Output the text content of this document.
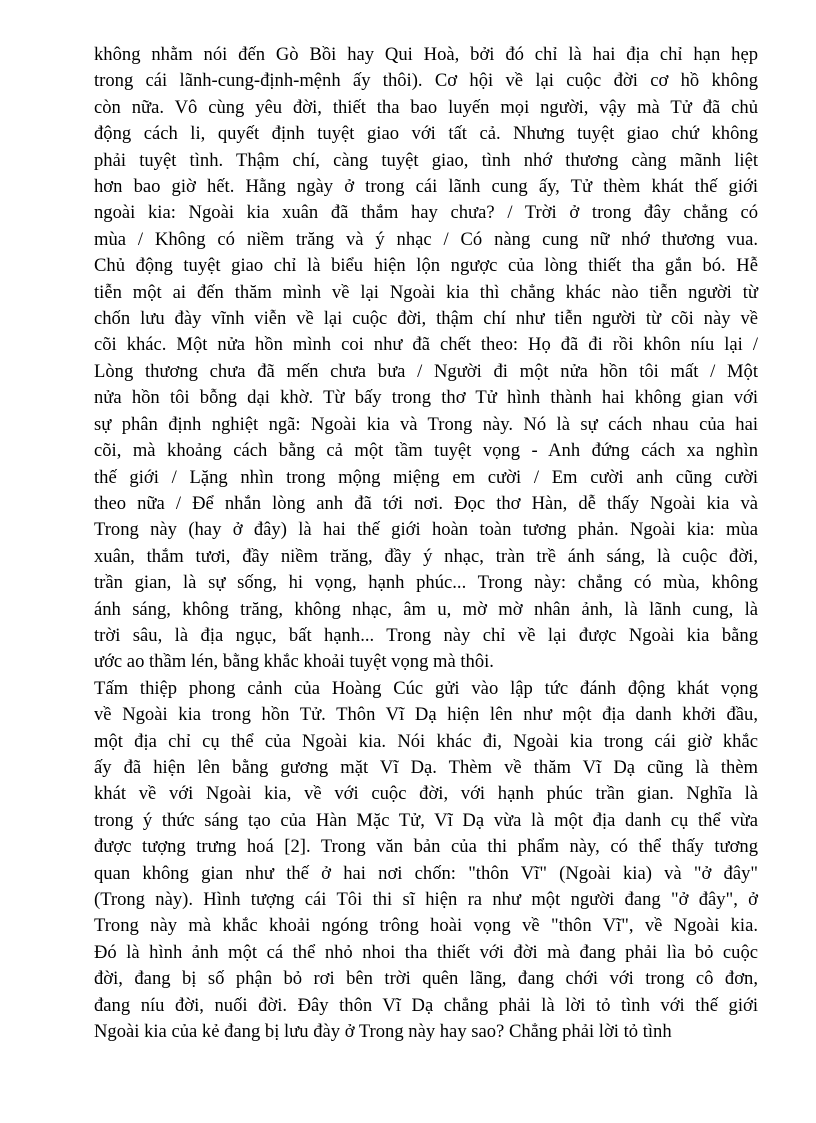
không nhằm nói đến Gò Bồi hay Qui Hoà, bởi đó chỉ là hai địa chỉ hạn hẹp
trong cái lãnh-cung-định-mệnh ấy thôi). Cơ hội về lại cuộc đời cơ hồ không
còn nữa. Vô cùng yêu đời, thiết tha bao luyến mọi người, vậy mà Tử đã chủ
động cách li, quyết định tuyệt giao với tất cả. Nhưng tuyệt giao chứ không
phải tuyệt tình. Thậm chí, càng tuyệt giao, tình nhớ thương càng mãnh liệt
hơn bao giờ hết. Hằng ngày ở trong cái lãnh cung ấy, Tử thèm khát thế giới
ngoài kia: Ngoài kia xuân đã thắm hay chưa? / Trời ở trong đây chẳng có
mùa / Không có niềm trăng và ý nhạc / Có nàng cung nữ nhớ thương vua.
Chủ động tuyệt giao chỉ là biểu hiện lộn ngược của lòng thiết tha gắn bó. Hễ
tiễn một ai đến thăm mình về lại Ngoài kia thì chẳng khác nào tiễn người từ
chốn lưu đày vĩnh viễn về lại cuộc đời, thậm chí như tiễn người từ cõi này về
cõi khác. Một nửa hồn mình coi như đã chết theo: Họ đã đi rồi khôn níu lại /
Lòng thương chưa đã mến chưa bưa / Người đi một nửa hồn tôi mất / Một
nửa hồn tôi bỗng dại khờ. Từ bấy trong thơ Tử hình thành hai không gian với
sự phân định nghiệt ngã: Ngoài kia và Trong này. Nó là sự cách nhau của hai
cõi, mà khoảng cách bằng cả một tầm tuyệt vọng - Anh đứng cách xa nghìn
thế giới / Lặng nhìn trong mộng miệng em cười / Em cười anh cũng cười
theo nữa / Để nhắn lòng anh đã tới nơi. Đọc thơ Hàn, dễ thấy Ngoài kia và
Trong này (hay ở đây) là hai thế giới hoàn toàn tương phản. Ngoài kia: mùa
xuân, thắm tươi, đầy niềm trăng, đầy ý nhạc, tràn trề ánh sáng, là cuộc đời,
trần gian, là sự sống, hi vọng, hạnh phúc... Trong này: chẳng có mùa, không
ánh sáng, không trăng, không nhạc, âm u, mờ mờ nhân ảnh, là lãnh cung, là
trời sâu, là địa ngục, bất hạnh... Trong này chỉ về lại được Ngoài kia bằng
ước ao thầm lén, bằng khắc khoải tuyệt vọng mà thôi.
Tấm thiệp phong cảnh của Hoàng Cúc gửi vào lập tức đánh động khát vọng
về Ngoài kia trong hồn Tử. Thôn Vĩ Dạ hiện lên như một địa danh khởi đầu,
một địa chỉ cụ thể của Ngoài kia. Nói khác đi, Ngoài kia trong cái giờ khắc
ấy đã hiện lên bằng gương mặt Vĩ Dạ. Thèm về thăm Vĩ Dạ cũng là thèm
khát về với Ngoài kia, về với cuộc đời, với hạnh phúc trần gian. Nghĩa là
trong ý thức sáng tạo của Hàn Mặc Tử, Vĩ Dạ vừa là một địa danh cụ thể vừa
được tượng trưng hoá [2]. Trong văn bản của thi phẩm này, có thể thấy tương
quan không gian như thế ở hai nơi chốn: "thôn Vĩ" (Ngoài kia) và "ở đây"
(Trong này). Hình tượng cái Tôi thi sĩ hiện ra như một người đang "ở đây", ở
Trong này mà khắc khoải ngóng trông hoài vọng về "thôn Vĩ", về Ngoài kia.
Đó là hình ảnh một cá thể nhỏ nhoi tha thiết với đời mà đang phải lìa bỏ cuộc
đời, đang bị số phận bỏ rơi bên trời quên lãng, đang chới với trong cô đơn,
đang níu đời, nuối đời. Đây thôn Vĩ Dạ chẳng phải là lời tỏ tình với thế giới
Ngoài kia của kẻ đang bị lưu đày ở Trong này hay sao? Chẳng phải lời tỏ tình
